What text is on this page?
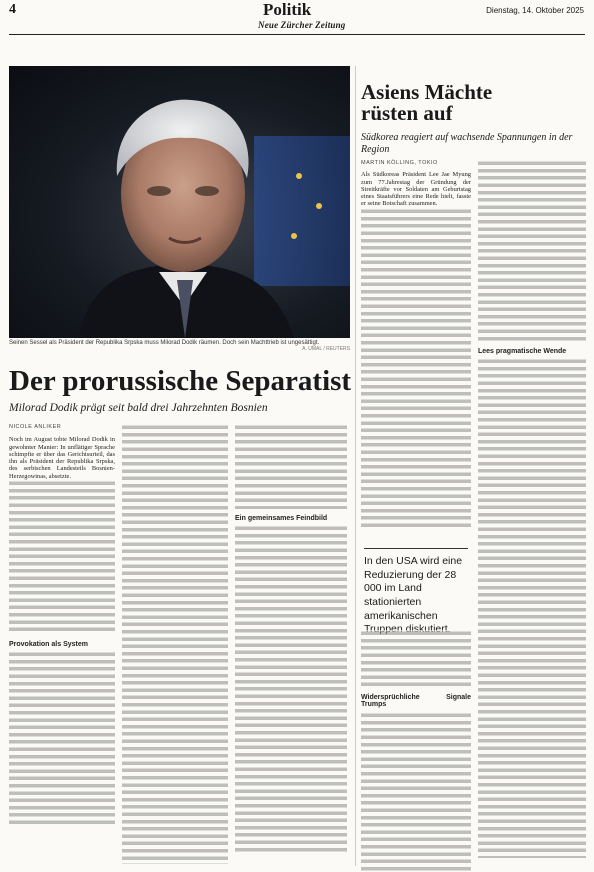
4	Politik
Neue Zürcher Zeitung
Dienstag, 14. Oktober 2025
Seinen Sessel als Präsident der Republika Srpska muss Milorad Dodik räumen. Doch sein Machttrieb ist ungesättigt.
A. UMAL / REUTERS
Der prorussische Separatist
Milorad Dodik prägt seit bald drei Jahrzehnten Bosnien
NICOLE ANLIKER

Noch im August tobte Milorad Dodik in gewohnter Manier: In unflätiger Sprache schimpfte er über das Gerichtsurteil, das ihn als Präsident der Republika Srpska, des serbischen Landesteils Bosnien-Herzegowinas, absetzte.

Provokation als System
Ein gemeinsames Feindbild
Asiens Mächte
rüsten auf
Südkorea reagiert auf wachsende Spannungen in der Region
MARTIN KÖLLING, TOKIO

Als Südkoreas Präsident Lee Jae Myung zum 77.Jahrestag der Gründung der Streitkräfte vor Soldaten am Geburtstag eines Staatsführers eine Rede hielt, fasste er seine Botschaft zusammen.

In den USA wird eine Reduzierung der 28 000 im Land stationierten amerikanischen
Widersprüchliche Signale Trumps
Lees pragmatische Wende
